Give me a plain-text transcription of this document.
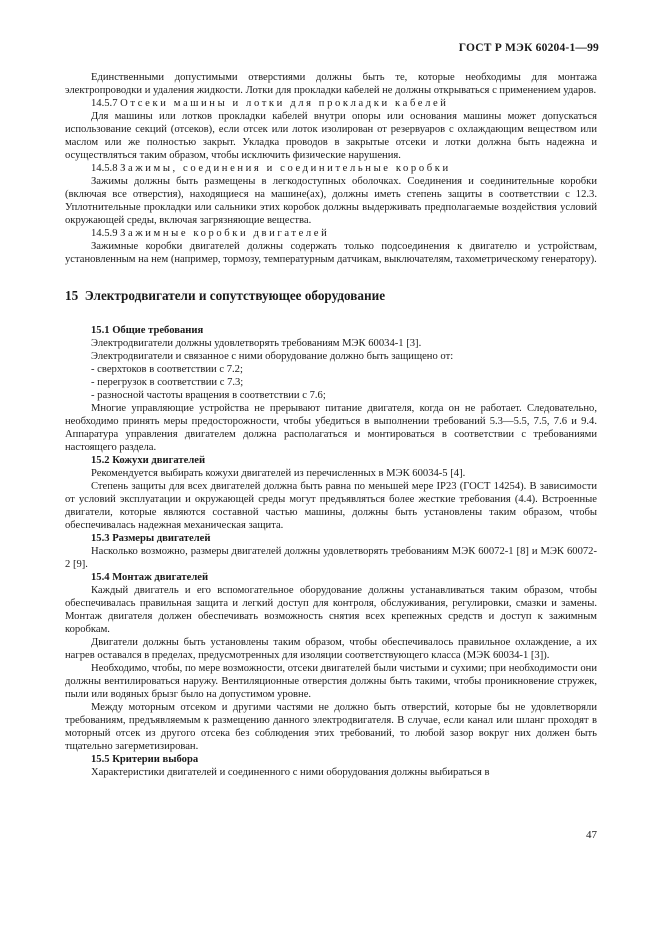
ГОСТ Р МЭК 60204-1—99

Единственными допустимыми отверстиями должны быть те, которые необходимы для монтажа электропроводки и удаления жидкости. Лотки для прокладки кабелей не должны открываться с применением ударов.

14.5.7 Отсеки машины и лотки для прокладки кабелей

Для машины или лотков прокладки кабелей внутри опоры или основания машины может допускаться использование секций (отсеков), если отсек или лоток изолирован от резервуаров с охлаждающим веществом или маслом или же полностью закрыт. Укладка проводов в закрытые отсеки и лотки должна быть надежна и осуществляться таким образом, чтобы исключить физические нарушения.

14.5.8 Зажимы, соединения и соединительные коробки

Зажимы должны быть размещены в легкодоступных оболочках. Соединения и соединительные коробки (включая все отверстия), находящиеся на машине(ах), должны иметь степень защиты в соответствии с 12.3. Уплотнительные прокладки или сальники этих коробок должны выдерживать предполагаемые воздействия условий окружающей среды, включая загрязняющие вещества.

14.5.9 Зажимные коробки двигателей

Зажимные коробки двигателей должны содержать только подсоединения к двигателю и устройствам, установленным на нем (например, тормозу, температурным датчикам, выключателям, тахометрическому генератору).

15 Электродвигатели и сопутствующее оборудование

15.1 Общие требования

Электродвигатели должны удовлетворять требованиям МЭК 60034-1 [3].

Электродвигатели и связанное с ними оборудование должно быть защищено от:

- сверхтоков в соответствии с 7.2;

- перегрузок в соответствии с 7.3;

- разносной частоты вращения в соответствии с 7.6;

Многие управляющие устройства не прерывают питание двигателя, когда он не работает. Следовательно, необходимо принять меры предосторожности, чтобы убедиться в выполнении требований 5.3—5.5, 7.5, 7.6 и 9.4. Аппаратура управления двигателем должна располагаться и монтироваться в соответствии с требованиями настоящего раздела.

15.2 Кожухи двигателей

Рекомендуется выбирать кожухи двигателей из перечисленных в МЭК 60034-5 [4].

Степень защиты для всех двигателей должна быть равна по меньшей мере IP23 (ГОСТ 14254). В зависимости от условий эксплуатации и окружающей среды могут предъявляться более жесткие требования (4.4). Встроенные двигатели, которые являются составной частью машины, должны быть установлены таким образом, чтобы обеспечивалась надежная механическая защита.

15.3 Размеры двигателей

Насколько возможно, размеры двигателей должны удовлетворять требованиям МЭК 60072-1 [8] и МЭК 60072-2 [9].

15.4 Монтаж двигателей

Каждый двигатель и его вспомогательное оборудование должны устанавливаться таким образом, чтобы обеспечивалась правильная защита и легкий доступ для контроля, обслуживания, регулировки, смазки и замены. Монтаж двигателя должен обеспечивать возможность снятия всех крепежных средств и доступ к зажимным коробкам.

Двигатели должны быть установлены таким образом, чтобы обеспечивалось правильное охлаждение, а их нагрев оставался в пределах, предусмотренных для изоляции соответствующего класса (МЭК 60034-1 [3]).

Необходимо, чтобы, по мере возможности, отсеки двигателей были чистыми и сухими; при необходимости они должны вентилироваться наружу. Вентиляционные отверстия должны быть такими, чтобы проникновение стружек, пыли или водяных брызг было на допустимом уровне.

Между моторным отсеком и другими частями не должно быть отверстий, которые бы не удовлетворяли требованиям, предъявляемым к размещению данного электродвигателя. В случае, если канал или шланг проходят в моторный отсек из другого отсека без соблюдения этих требований, то любой зазор вокруг них должен быть тщательно загерметизирован.

15.5 Критерии выбора

Характеристики двигателей и соединенного с ними оборудования должны выбираться в

47
